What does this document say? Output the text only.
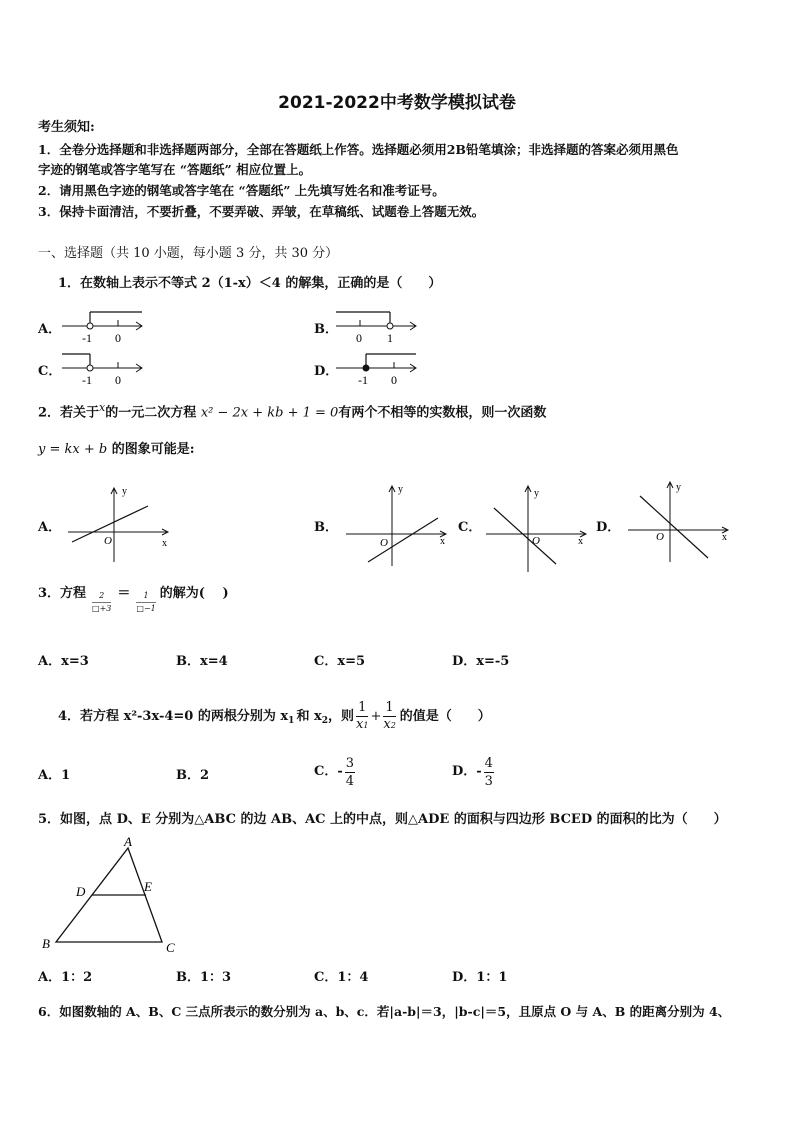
2021-2022中考数学模拟试卷
考生须知:
1．全卷分选择题和非选择题两部分，全部在答题纸上作答。选择题必须用2B铅笔填涂；非选择题的答案必须用黑色
字迹的钢笔或答字笔写在 “答题纸” 相应位置上。
2．请用黑色字迹的钢笔或答字笔在 “答题纸” 上先填写姓名和准考证号。
3．保持卡面清洁，不要折叠，不要弄破、弄皱，在草稿纸、试题卷上答题无效。
一、选择题（共 10 小题，每小题 3 分，共 30 分）
1．在数轴上表示不等式 2（1-x）＜4 的解集，正确的是（　　）
A．
-1 0
B．
0 1
C．
-1 0
D．
-1 0
2．若关于$^x$的一元二次方程 x² − 2x + kb + 1 = 0有两个不相等的实数根，则一次函数
y = kx + b 的图象可能是:
A．
y
x
O
B．
y
x
O
C．
y
x
O
D．
y
x
O
3．方程 $\frac{2}{□+3} = \frac{1}{□-1}$ 的解为(　 )
A．x=3	B．x=4	C．x=5	D．x=-5
4．若方程 x²-3x-4=0 的两根分别为 x 1 和 x 2 ，则 $\frac{1}{x1} + \frac{1}{x2}$ 的值是（　　）
A．1	B．2	C．- $\frac{3}{4}$	D．- $\frac{4}{3}$
5．如图，点 D、E 分别为△ABC 的边 AB、AC 上的中点，则△ADE 的面积与四边形 BCED 的面积的比为（　　）
A
B	C
D	E
A．1：2	B．1：3	C．1：4	D．1：1
6．如图数轴的 A、B、C 三点所表示的数分别为 a、b、c．若|a-b|＝3，|b-c|＝5，且原点 O 与 A、B 的距离分别为 4、
